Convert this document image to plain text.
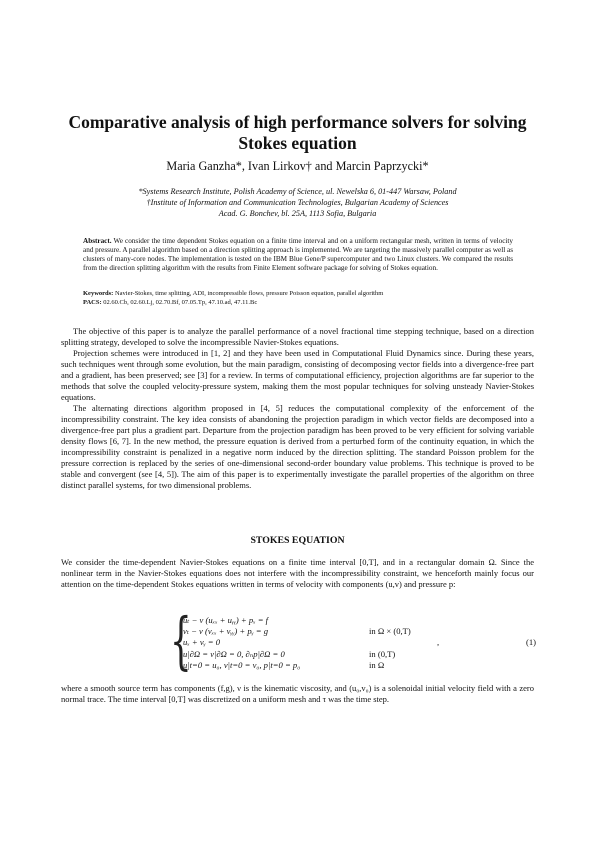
Comparative analysis of high performance solvers for solving Stokes equation
Maria Ganzha*, Ivan Lirkov† and Marcin Paprzycki*
*Systems Research Institute, Polish Academy of Science, ul. Newelska 6, 01-447 Warsaw, Poland
†Institute of Information and Communication Technologies, Bulgarian Academy of Sciences
Acad. G. Bonchev, bl. 25A, 1113 Sofia, Bulgaria
Abstract. We consider the time dependent Stokes equation on a finite time interval and on a uniform rectangular mesh, written in terms of velocity and pressure. A parallel algorithm based on a direction splitting approach is implemented. We are targeting the massively parallel computer as well as clusters of many-core nodes. The implementation is tested on the IBM Blue Gene/P supercomputer and two Linux clusters. We compared the results from the direction splitting algorithm with the results from Finite Element software package for solving of Stokes equation.
Keywords: Navier-Stokes, time splitting, ADI, incompressible flows, pressure Poisson equation, parallel algorithm
PACS: 02.60.Cb, 02.60.Lj, 02.70.Bf, 07.05.Tp, 47.10.ad, 47.11.Bc

The objective of this paper is to analyze the parallel performance of a novel fractional time stepping technique, based on a direction splitting strategy, developed to solve the incompressible Navier-Stokes equations.

Projection schemes were introduced in [1, 2] and they have been used in Computational Fluid Dynamics since. During these years, such techniques went through some evolution, but the main paradigm, consisting of decomposing vector fields into a divergence-free part and a gradient, has been preserved; see [3] for a review. In terms of computational efficiency, projection algorithms are far superior to the methods that solve the coupled velocity-pressure system, making them the most popular techniques for solving unsteady Navier-Stokes equations.

The alternating directions algorithm proposed in [4, 5] reduces the computational complexity of the enforcement of the incompressibility constraint. The key idea consists of abandoning the projection paradigm in which vector fields are decomposed into a divergence-free part plus a gradient part. Departure from the projection paradigm has been proved to be very efficient for solving variable density flows [6, 7]. In the new method, the pressure equation is derived from a perturbed form of the continuity equation, in which the incompressibility constraint is penalized in a negative norm induced by the direction splitting. The standard Poisson problem for the pressure correction is replaced by the series of one-dimensional second-order boundary value problems. This technique is proved to be stable and convergent (see [4, 5]). The aim of this paper is to experimentally investigate the parallel properties of the algorithm on three distinct parallel systems, for two dimensional problems.

STOKES EQUATION

We consider the time-dependent Navier-Stokes equations on a finite time interval [0,T], and in a rectangular domain Ω. Since the nonlinear term in the Navier-Stokes equations does not interfere with the incompressibility constraint, we henceforth mainly focus our attention on the time-dependent Stokes equations written in terms of velocity with components (u,v) and pressure p:

{
uₜ − ν (uₓₓ + uᵧᵧ) + pₓ = f
vₜ − ν (vₓₓ + vᵧᵧ) + pᵧ = g
uₓ + vᵧ = 0
u|∂Ω = v|∂Ω = 0, ∂ₙp|∂Ω = 0
u|t=0 = u₀, v|t=0 = v₀, p|t=0 = p₀
in Ω × (0,T)
in (0,T)
in Ω
,	(1)

where a smooth source term has components (f,g), ν is the kinematic viscosity, and (u₀,v₀) is a solenoidal initial velocity field with a zero normal trace. The time interval [0,T] was discretized on a uniform mesh and τ was the time step.
